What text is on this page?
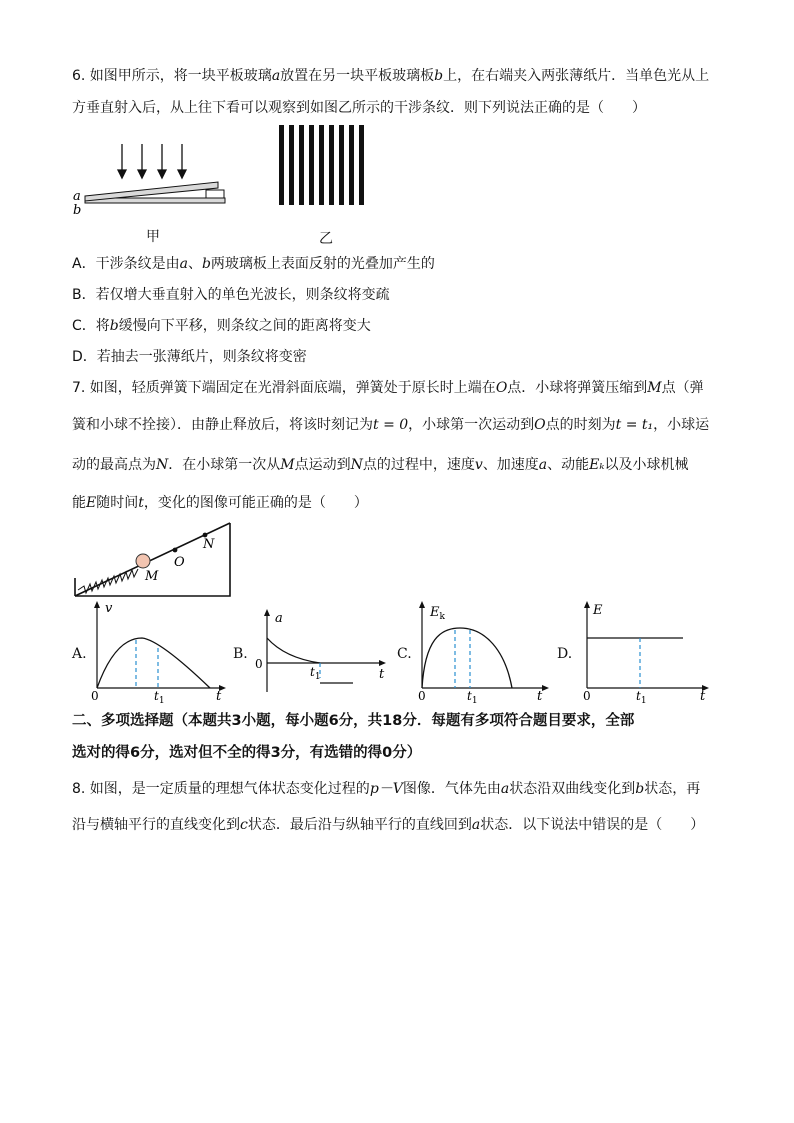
6. 如图甲所示，将一块平板玻璃a放置在另一块平板玻璃板b上，在右端夹入两张薄纸片．当单色光从上
方垂直射入后，从上往下看可以观察到如图乙所示的干涉条纹．则下列说法正确的是（　　）
a
b
甲	乙
A．干涉条纹是由a、b两玻璃板上表面反射的光叠加产生的
B．若仅增大垂直射入的单色光波长，则条纹将变疏
C．将b缓慢向下平移，则条纹之间的距离将变大
D．若抽去一张薄纸片，则条纹将变密
7. 如图，轻质弹簧下端固定在光滑斜面底端，弹簧处于原长时上端在O点．小球将弹簧压缩到M点（弹
簧和小球不拴接）．由静止释放后，将该时刻记为t = 0，小球第一次运动到O点的时刻为t = t₁，小球运
动的最高点为N．在小球第一次从M点运动到N点的过程中，速度v、加速度a、动能Eₖ以及小球机械
能E随时间t，变化的图像可能正确的是（　　）
M
O
N
A.
v
0	$t_1$	t
B.
a
0
$t_1$	t
C.
$E_k$
0	$t_1$	t
D.
E
0	$t_1$	t
二、多项选择题（本题共3小题，每小题6分，共18分．每题有多项符合题目要求，全部
选对的得6分，选对但不全的得3分，有选错的得0分）
8. 如图，是一定质量的理想气体状态变化过程的p－V图像．气体先由a状态沿双曲线变化到b状态，再
沿与横轴平行的直线变化到c状态．最后沿与纵轴平行的直线回到a状态．以下说法中错误的是（　　）
